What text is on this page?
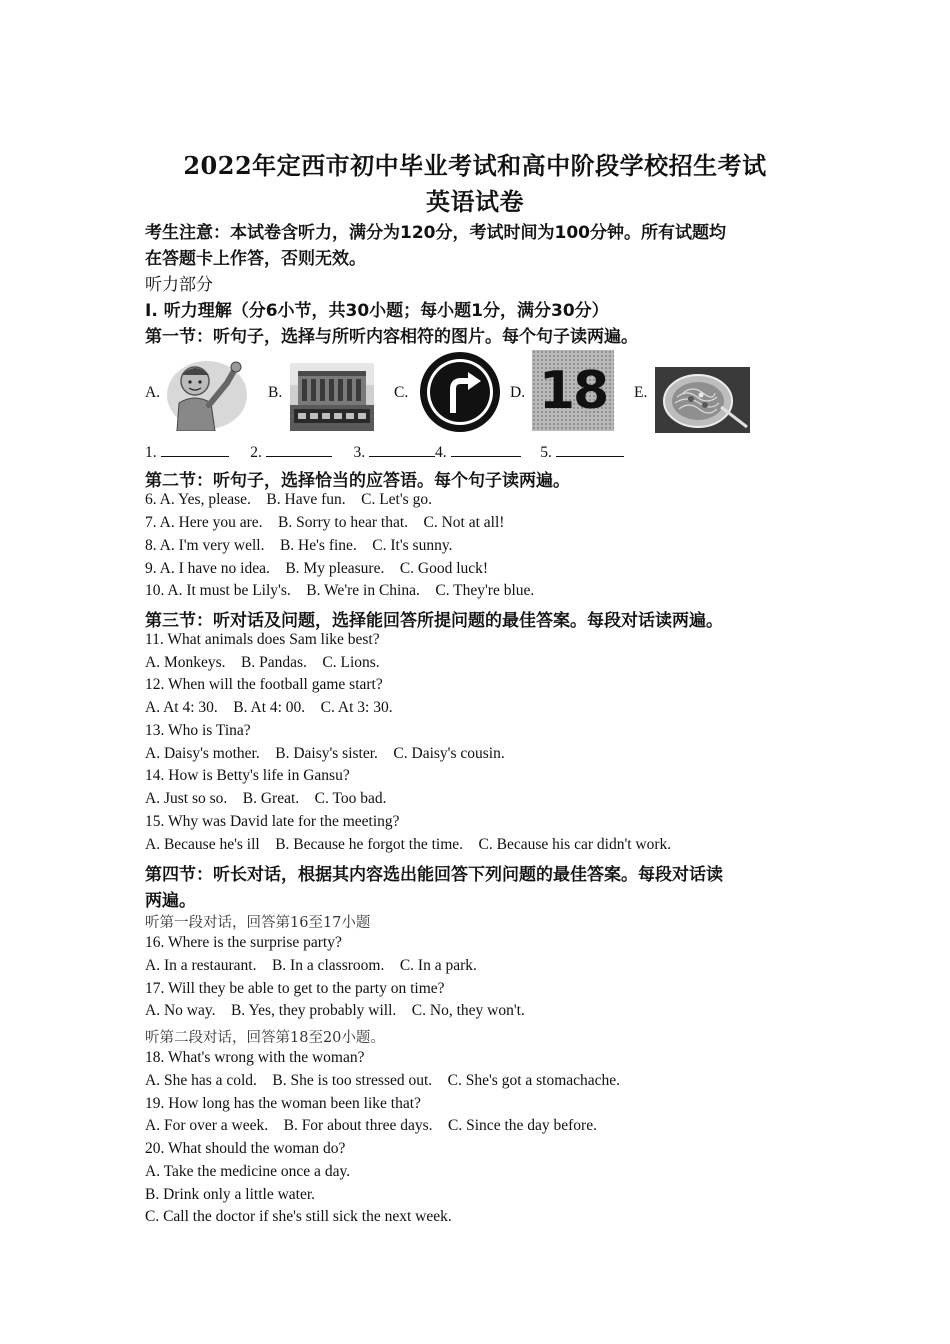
2022年定西市初中毕业考试和高中阶段学校招生考试
英语试卷
考生注意：本试卷含听力，满分为120分，考试时间为100分钟。所有试题均
在答题卡上作答，否则无效。
听力部分
Ⅰ. 听力理解（分6小节，共30小题；每小题1分，满分30分）
第一节：听句子，选择与所听内容相符的图片。每个句子读两遍。
A.	B.	C.	D. 18 E.
1.	2.	3.	4.	5.
第二节：听句子，选择恰当的应答语。每个句子读两遍。
6. A. Yes, please.    B. Have fun.    C. Let's go.
7. A. Here you are.    B. Sorry to hear that.    C. Not at all!
8. A. I'm very well.    B. He's fine.    C. It's sunny.
9. A. I have no idea.    B. My pleasure.    C. Good luck!
10. A. It must be Lily's.    B. We're in China.    C. They're blue.
第三节：听对话及问题，选择能回答所提问题的最佳答案。每段对话读两遍。
11. What animals does Sam like best?
A. Monkeys.    B. Pandas.    C. Lions.
12. When will the football game start?
A. At 4: 30.    B. At 4: 00.    C. At 3: 30.
13. Who is Tina?
A. Daisy's mother.    B. Daisy's sister.    C. Daisy's cousin.
14. How is Betty's life in Gansu?
A. Just so so.    B. Great.    C. Too bad.
15. Why was David late for the meeting?
A. Because he's ill    B. Because he forgot the time.    C. Because his car didn't work.
第四节：听长对话，根据其内容选出能回答下列问题的最佳答案。每段对话读
两遍。
听第一段对话，回答第16至17小题
16. Where is the surprise party?
A. In a restaurant.    B. In a classroom.    C. In a park.
17. Will they be able to get to the party on time?
A. No way.    B. Yes, they probably will.    C. No, they won't.
听第二段对话，回答第18至20小题。
18. What's wrong with the woman?
A. She has a cold.    B. She is too stressed out.    C. She's got a stomachache.
19. How long has the woman been like that?
A. For over a week.    B. For about three days.    C. Since the day before.
20. What should the woman do?
A. Take the medicine once a day.
B. Drink only a little water.
C. Call the doctor if she's still sick the next week.
